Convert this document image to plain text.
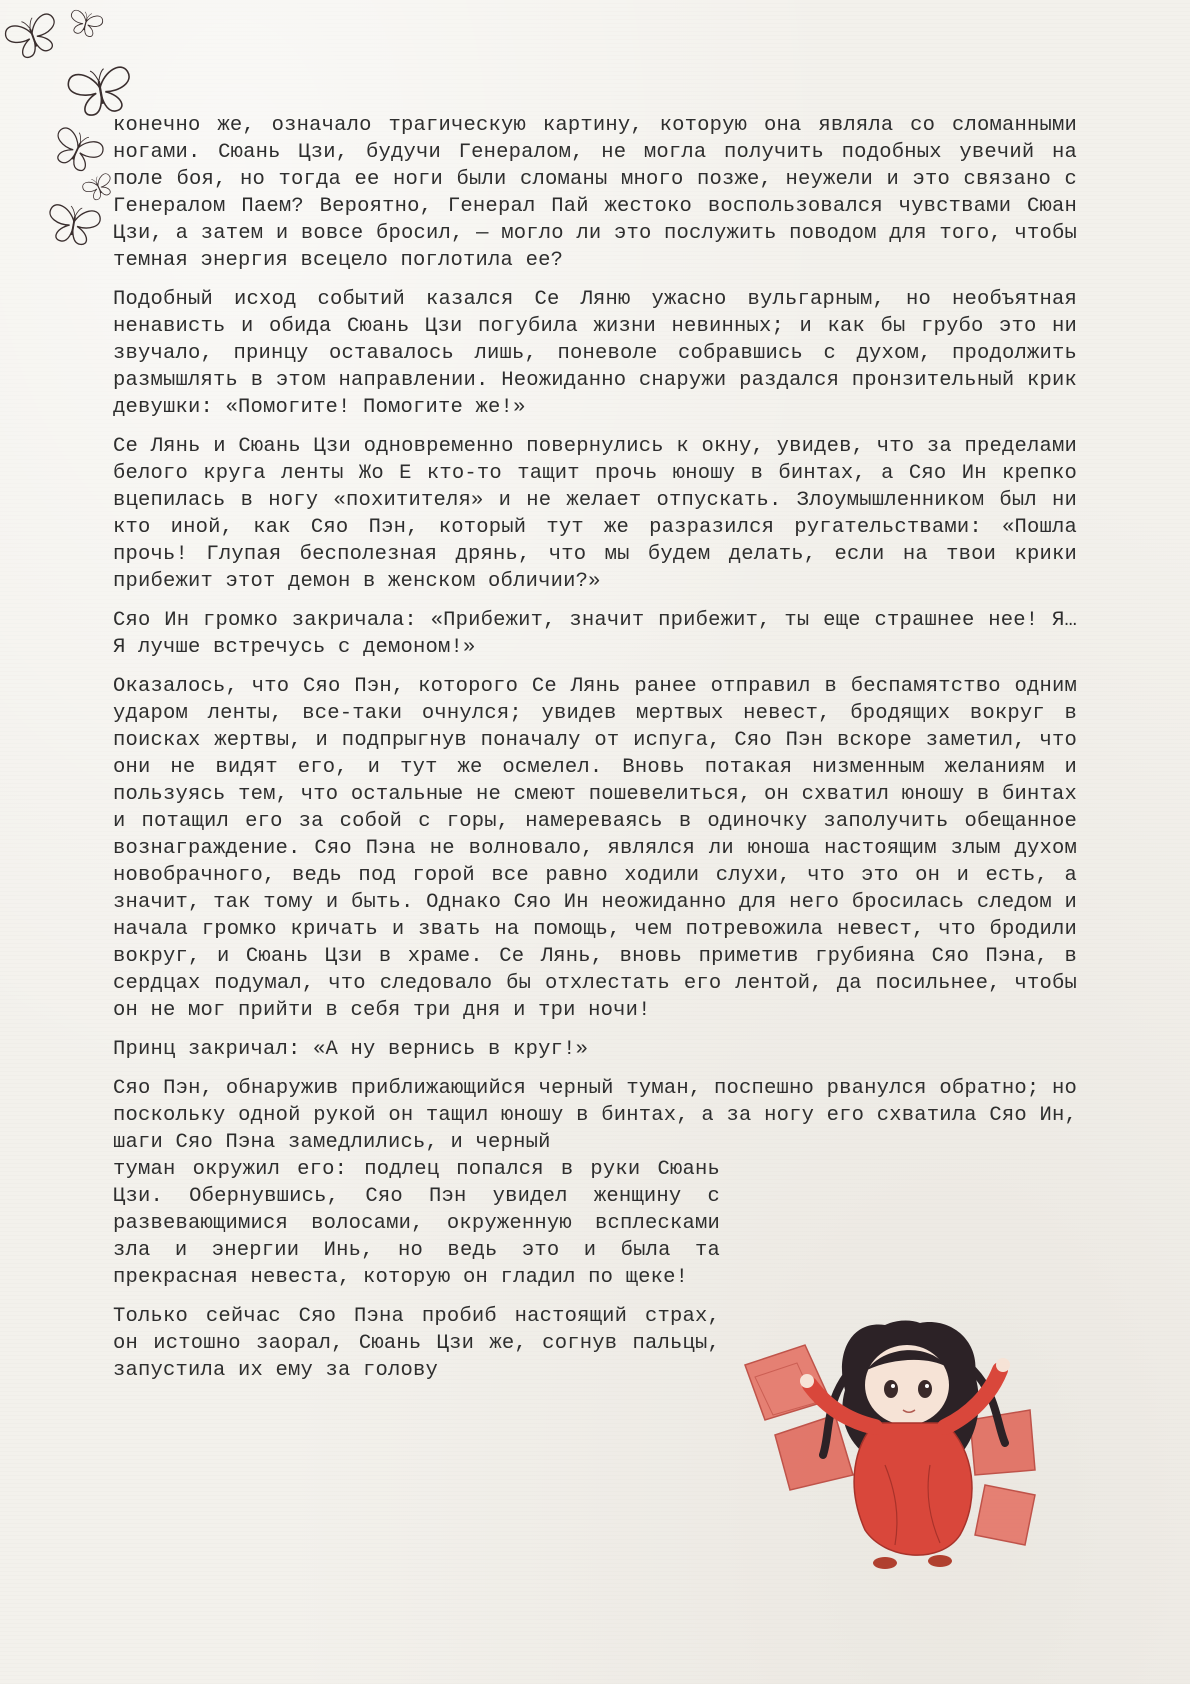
конечно же, означало трагическую картину, которую она являла со сломанными ногами. Сюань Цзи, будучи Генералом, не могла получить подобных увечий на поле боя, но тогда ее ноги были сломаны много позже, неужели и это связано с Генералом Паем? Вероятно, Генерал Пай жестоко воспользовался чувствами Сюан Цзи, а затем и вовсе бросил, — могло ли это послужить поводом для того, чтобы темная энергия всецело поглотила ее?

Подобный исход событий казался Се Ляню ужасно вульгарным, но необъятная ненависть и обида Сюань Цзи погубила жизни невинных; и как бы грубо это ни звучало, принцу оставалось лишь, поневоле собравшись с духом, продолжить размышлять в этом направлении. Неожиданно снаружи раздался пронзительный крик девушки: «Помогите! Помогите же!»

Се Лянь и Сюань Цзи одновременно повернулись к окну, увидев, что за пределами белого круга ленты Жо Е кто-то тащит прочь юношу в бинтах, а Сяо Ин крепко вцепилась в ногу «похитителя» и не желает отпускать. Злоумышленником был ни кто иной, как Сяо Пэн, который тут же разразился ругательствами: «Пошла прочь! Глупая бесполезная дрянь, что мы будем делать, если на твои крики прибежит этот демон в женском обличии?»

Сяо Ин громко закричала: «Прибежит, значит прибежит, ты еще страшнее нее! Я… Я лучше встречусь с демоном!»

Оказалось, что Сяо Пэн, которого Се Лянь ранее отправил в беспамятство одним ударом ленты, все-таки очнулся; увидев мертвых невест, бродящих вокруг в поисках жертвы, и подпрыгнув поначалу от испуга, Сяо Пэн вскоре заметил, что они не видят его, и тут же осмелел. Вновь потакая низменным желаниям и пользуясь тем, что остальные не смеют пошевелиться, он схватил юношу в бинтах и потащил его за собой с горы, намереваясь в одиночку заполучить обещанное вознаграждение. Сяо Пэна не волновало, являлся ли юноша настоящим злым духом новобрачного, ведь под горой все равно ходили слухи, что это он и есть, а значит, так тому и быть. Однако Сяо Ин неожиданно для него бросилась следом и начала громко кричать и звать на помощь, чем потревожила невест, что бродили вокруг, и Сюань Цзи в храме. Се Лянь, вновь приметив грубияна Сяо Пэна, в сердцах подумал, что следовало бы отхлестать его лентой, да посильнее, чтобы он не мог прийти в себя три дня и три ночи!

Принц закричал: «А ну вернись в круг!»

Сяо Пэн, обнаружив приближающийся черный туман, поспешно рванулся обратно; но поскольку одной рукой он тащил юношу в бинтах, а за ногу его схватила Сяо Ин, шаги Сяо Пэна замедлились, и черный

туман окружил его: подлец попался в руки Сюань Цзи. Обернувшись, Сяо Пэн увидел женщину с развевающимися волосами, окруженную всплесками зла и энергии Инь, но ведь это и была та прекрасная невеста, которую он гладил по щеке!

Только сейчас Сяо Пэна пробиб настоящий страх, он истошно заорал, Сюань Цзи же, согнув пальцы, запустила их ему за голову
